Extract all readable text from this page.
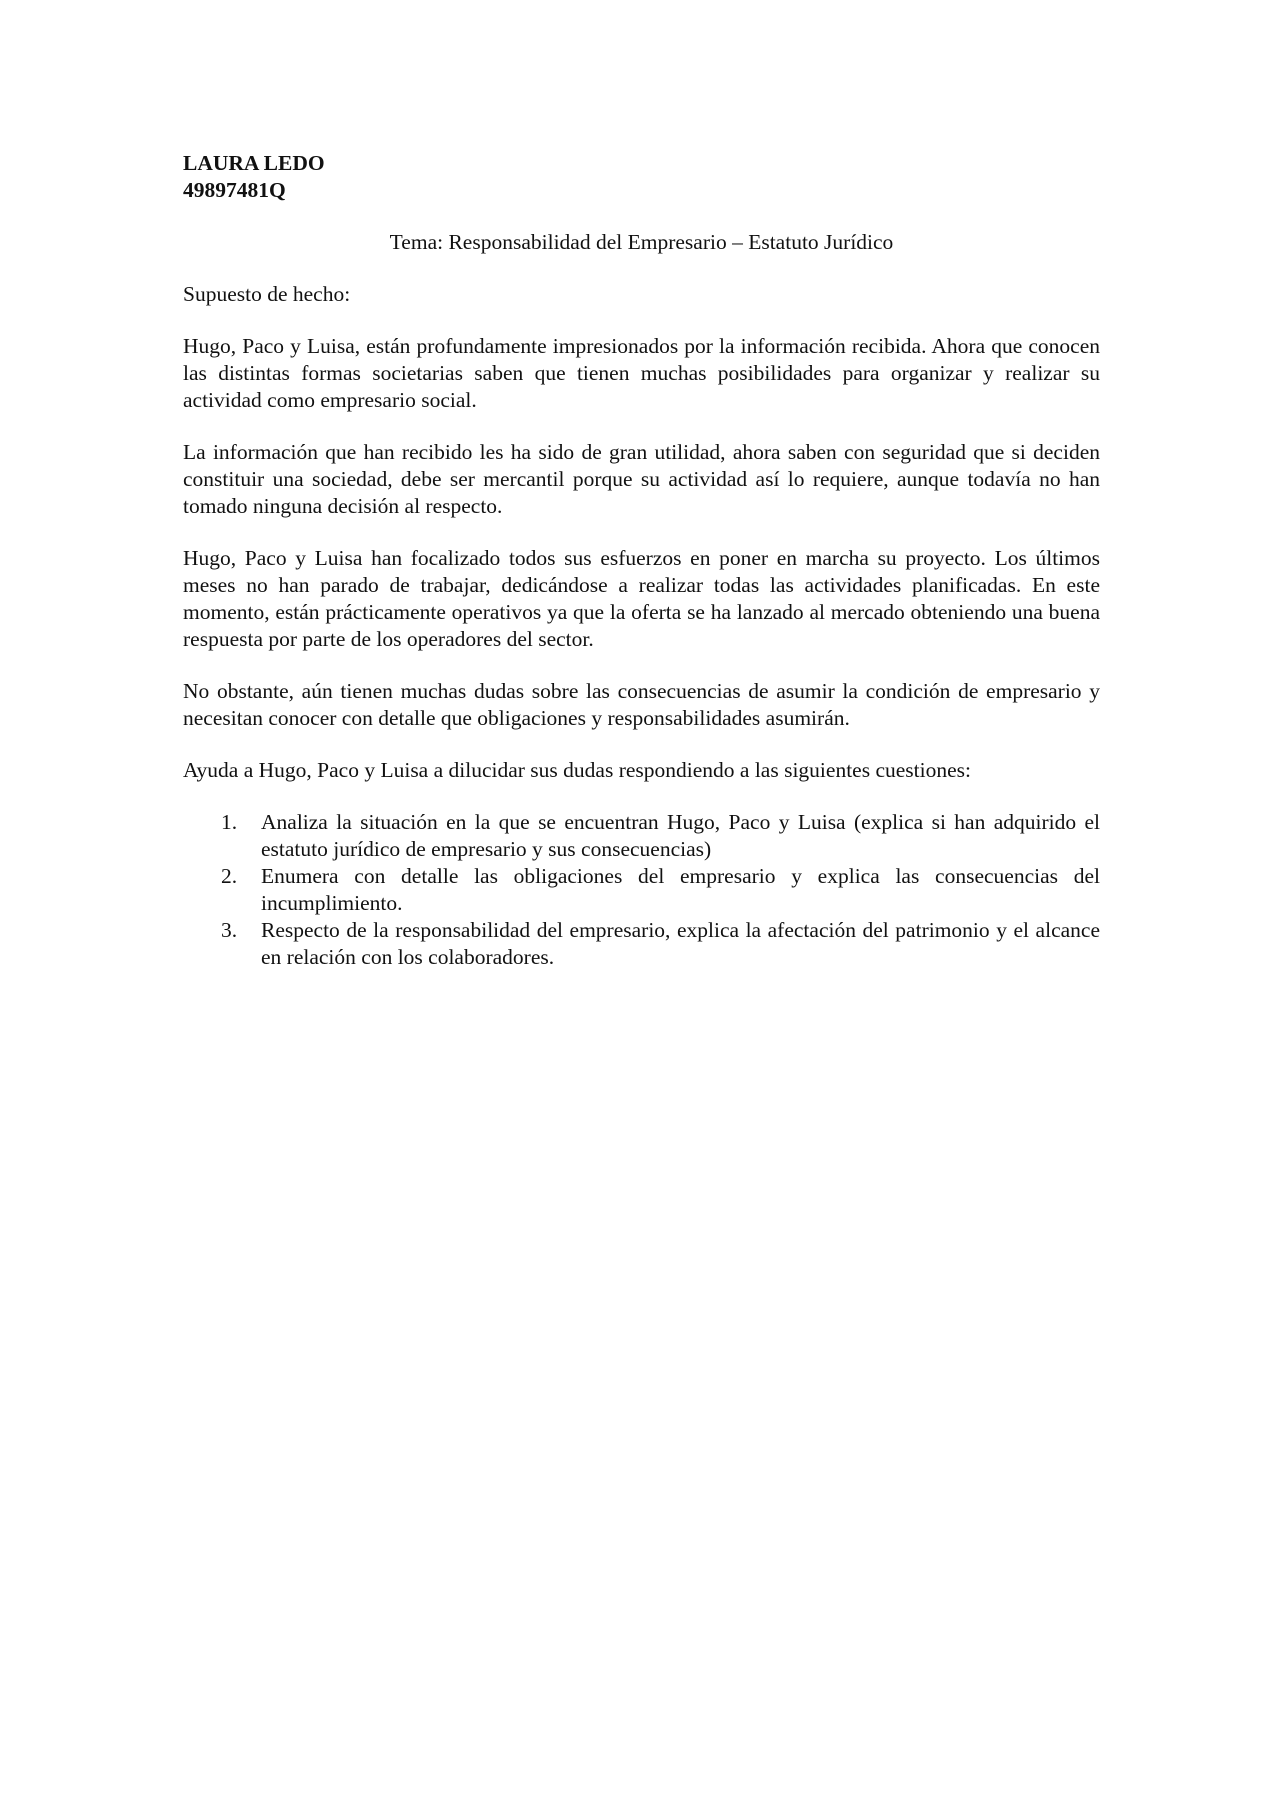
LAURA LEDO

49897481Q

Tema: Responsabilidad del Empresario – Estatuto Jurídico

Supuesto de hecho:

Hugo, Paco y Luisa, están profundamente impresionados por la información recibida. Ahora que conocen las distintas formas societarias saben que tienen muchas posibilidades para organizar y realizar su actividad como empresario social.

La información que han recibido les ha sido de gran utilidad, ahora saben con seguridad que si deciden constituir una sociedad, debe ser mercantil porque su actividad así lo requiere, aunque todavía no han tomado ninguna decisión al respecto.

Hugo, Paco y Luisa han focalizado todos sus esfuerzos en poner en marcha su proyecto. Los últimos meses no han parado de trabajar, dedicándose a realizar todas las actividades planificadas. En este momento, están prácticamente operativos ya que la oferta se ha lanzado al mercado obteniendo una buena respuesta por parte de los operadores del sector.

No obstante, aún tienen muchas dudas sobre las consecuencias de asumir la condición de empresario y necesitan conocer con detalle que obligaciones y responsabilidades asumirán.

Ayuda a Hugo, Paco y Luisa a dilucidar sus dudas respondiendo a las siguientes cuestiones:

1. Analiza la situación en la que se encuentran Hugo, Paco y Luisa (explica si han adquirido el estatuto jurídico de empresario y sus consecuencias)
2. Enumera con detalle las obligaciones del empresario y explica las consecuencias del incumplimiento.
3. Respecto de la responsabilidad del empresario, explica la afectación del patrimonio y el alcance en relación con los colaboradores.
